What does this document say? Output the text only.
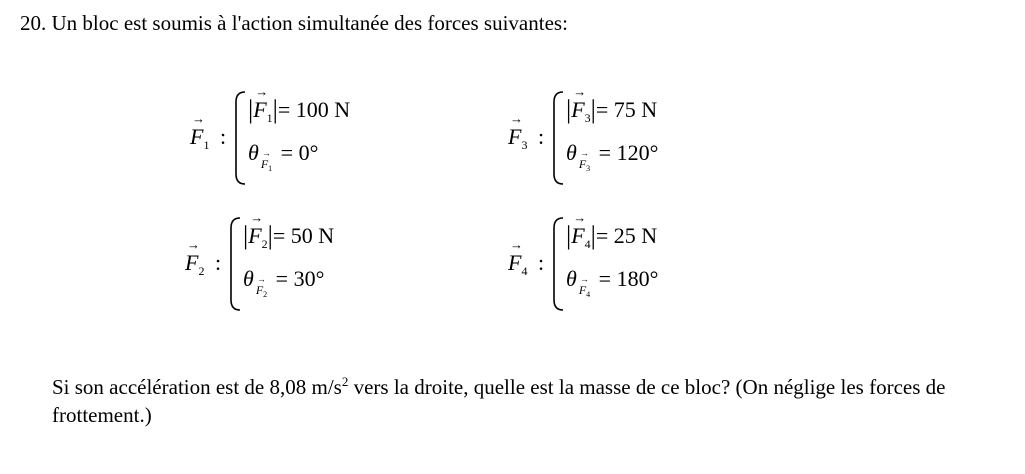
20. Un bloc est soumis à l'action simultanée des forces suivantes:
→ $F_1$ :
|→ $F_1|= 100$ N
θ → $_{F_1}$ = 0°
→ $F_2$ :
|→ $F_2|= 50$ N
θ → $_{F_2}$ = 30°
→ $F_3$ :
|→ $F_3|= 75$ N
θ → $_{F_3}$ = 120°
→ $F_4$ :
|→ $F_4|= 25$ N
θ → $_{F_4}$ = 180°
Si son accélération est de 8,08 $m/s^2$ vers la droite, quelle est la masse de ce bloc? (On néglige les forces de frottement.)
